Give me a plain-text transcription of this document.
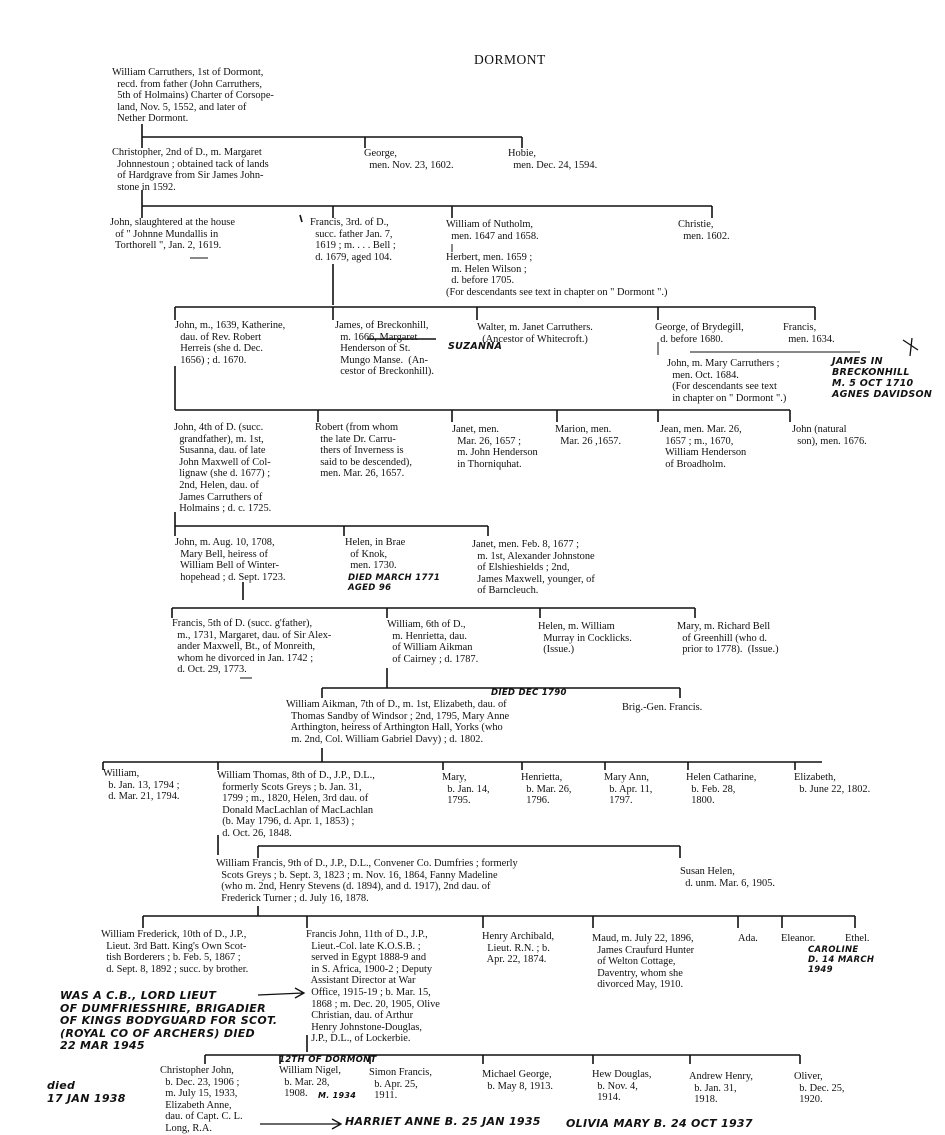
DORMONT
William Carruthers, 1st of Dormont,
recd. from father (John Carruthers,
5th of Holmains) Charter of Corsope-
land, Nov. 5, 1552, and later of
Nether Dormont.
Christopher, 2nd of D., m. Margaret
Johnnestoun ; obtained tack of lands
of Hardgrave from Sir James John-
stone in 1592.
George,
men. Nov. 23, 1602.
Hobie,
men. Dec. 24, 1594.
John, slaughtered at the house
of " Johnne Mundallis in
Torthorell ", Jan. 2, 1619.
Francis, 3rd. of D.,
succ. father Jan. 7,
1619 ; m. . . . Bell ;
d. 1679, aged 104.
William of Nutholm,
men. 1647 and 1658.
Herbert, men. 1659 ;
m. Helen Wilson ;
d. before 1705.
(For descendants see text in chapter on " Dormont ".)
Christie,
men. 1602.
John, m., 1639, Katherine,
dau. of Rev. Robert
Herreis (she d. Dec.
1656) ; d. 1670.
James, of Breckonhill,
m. 1666, Margaret
Henderson of St.
Mungo Manse.  (An-
cestor of Breckonhill).
Walter, m. Janet Carruthers.
(Ancestor of Whitecroft.)
George, of Brydegill,
d. before 1680.
Francis,
men. 1634.
John, m. Mary Carruthers ;
men. Oct. 1684.
(For descendants see text
in chapter on " Dormont ".)
John, 4th of D. (succ.
grandfather), m. 1st,
Susanna, dau. of late
John Maxwell of Col-
lignaw (she d. 1677) ;
2nd, Helen, dau. of
James Carruthers of
Holmains ; d. c. 1725.
Robert (from whom
the late Dr. Carru-
thers of Inverness is
said to be descended),
men. Mar. 26, 1657.
Janet, men.
Mar. 26, 1657 ;
m. John Henderson
in Thorniquhat.
Marion, men.
Mar. 26 ,1657.
Jean, men. Mar. 26,
1657 ; m., 1670,
William Henderson
of Broadholm.
John (natural
son), men. 1676.
John, m. Aug. 10, 1708,
Mary Bell, heiress of
William Bell of Winter-
hopehead ; d. Sept. 1723.
Helen, in Brae
of Knok,
men. 1730.
Janet, men. Feb. 8, 1677 ;
m. 1st, Alexander Johnstone
of Elshieshields ; 2nd,
James Maxwell, younger, of
of Barncleuch.
Francis, 5th of D. (succ. g'father),
m., 1731, Margaret, dau. of Sir Alex-
ander Maxwell, Bt., of Monreith,
whom he divorced in Jan. 1742 ;
d. Oct. 29, 1773.
William, 6th of D.,
m. Henrietta, dau.
of William Aikman
of Cairney ; d. 1787.
Helen, m. William
Murray in Cocklicks.
(Issue.)
Mary, m. Richard Bell
of Greenhill (who d.
prior to 1778).  (Issue.)
William Aikman, 7th of D., m. 1st, Elizabeth, dau. of
Thomas Sandby of Windsor ; 2nd, 1795, Mary Anne
Arthington, heiress of Arthington Hall, Yorks (who
m. 2nd, Col. William Gabriel Davy) ; d. 1802.
Brig.-Gen. Francis.
William,
b. Jan. 13, 1794 ;
d. Mar. 21, 1794.
William Thomas, 8th of D., J.P., D.L.,
formerly Scots Greys ; b. Jan. 31,
1799 ; m., 1820, Helen, 3rd dau. of
Donald MacLachlan of MacLachlan
(b. May 1796, d. Apr. 1, 1853) ;
d. Oct. 26, 1848.
Mary,
b. Jan. 14,
1795.
Henrietta,
b. Mar. 26,
1796.
Mary Ann,
b. Apr. 11,
1797.
Helen Catharine,
b. Feb. 28,
1800.
Elizabeth,
b. June 22, 1802.
William Francis, 9th of D., J.P., D.L., Convener Co. Dumfries ; formerly
Scots Greys ; b. Sept. 3, 1823 ; m. Nov. 16, 1864, Fanny Madeline
(who m. 2nd, Henry Stevens (d. 1894), and d. 1917), 2nd dau. of
Frederick Turner ; d. July 16, 1878.
Susan Helen,
d. unm. Mar. 6, 1905.
William Frederick, 10th of D., J.P.,
Lieut. 3rd Batt. King's Own Scot-
tish Borderers ; b. Feb. 5, 1867 ;
d. Sept. 8, 1892 ; succ. by brother.
Francis John, 11th of D., J.P.,
Lieut.-Col. late K.O.S.B. ;
served in Egypt 1888-9 and
in S. Africa, 1900-2 ; Deputy
Assistant Director at War
Office, 1915-19 ; b. Mar. 15,
1868 ; m. Dec. 20, 1905, Olive
Christian, dau. of Arthur
Henry Johnstone-Douglas,
J.P., D.L., of Lockerbie.
Henry Archibald,
Lieut. R.N. ; b.
Apr. 22, 1874.
Maud, m. July 22, 1896,
James Craufurd Hunter
of Welton Cottage,
Daventry, whom she
divorced May, 1910.
Ada. Eleanor.	Ethel.
Christopher John,
b. Dec. 23, 1906 ;
m. July 15, 1933,
Elizabeth Anne,
dau. of Capt. C. L.
Long, R.A.
William Nigel,
b. Mar. 28,
1908.
Simon Francis,
b. Apr. 25,
1911.
Michael George,
b. May 8, 1913.
Hew Douglas,
b. Nov. 4,
1914.
Andrew Henry,
b. Jan. 31,
1918.
Oliver,
b. Dec. 25,
1920.
SUZANNA
JAMES IN
BRECKONHILL
M. 5 OCT 1710
AGNES DAVIDSON
DIED MARCH 1771
AGED 96
DIED DEC 1790
CAROLINE
D. 14 MARCH
1949
WAS A C.B., LORD LIEUT
OF DUMFRIESSHIRE, BRIGADIER
OF KINGS BODYGUARD FOR SCOT.
(ROYAL CO OF ARCHERS) DIED
22 MAR 1945
died
17 JAN 1938
12TH OF DORMONT
M. 1934
HARRIET ANNE B. 25 JAN 1935 OLIVIA MARY B. 24 OCT 1937
